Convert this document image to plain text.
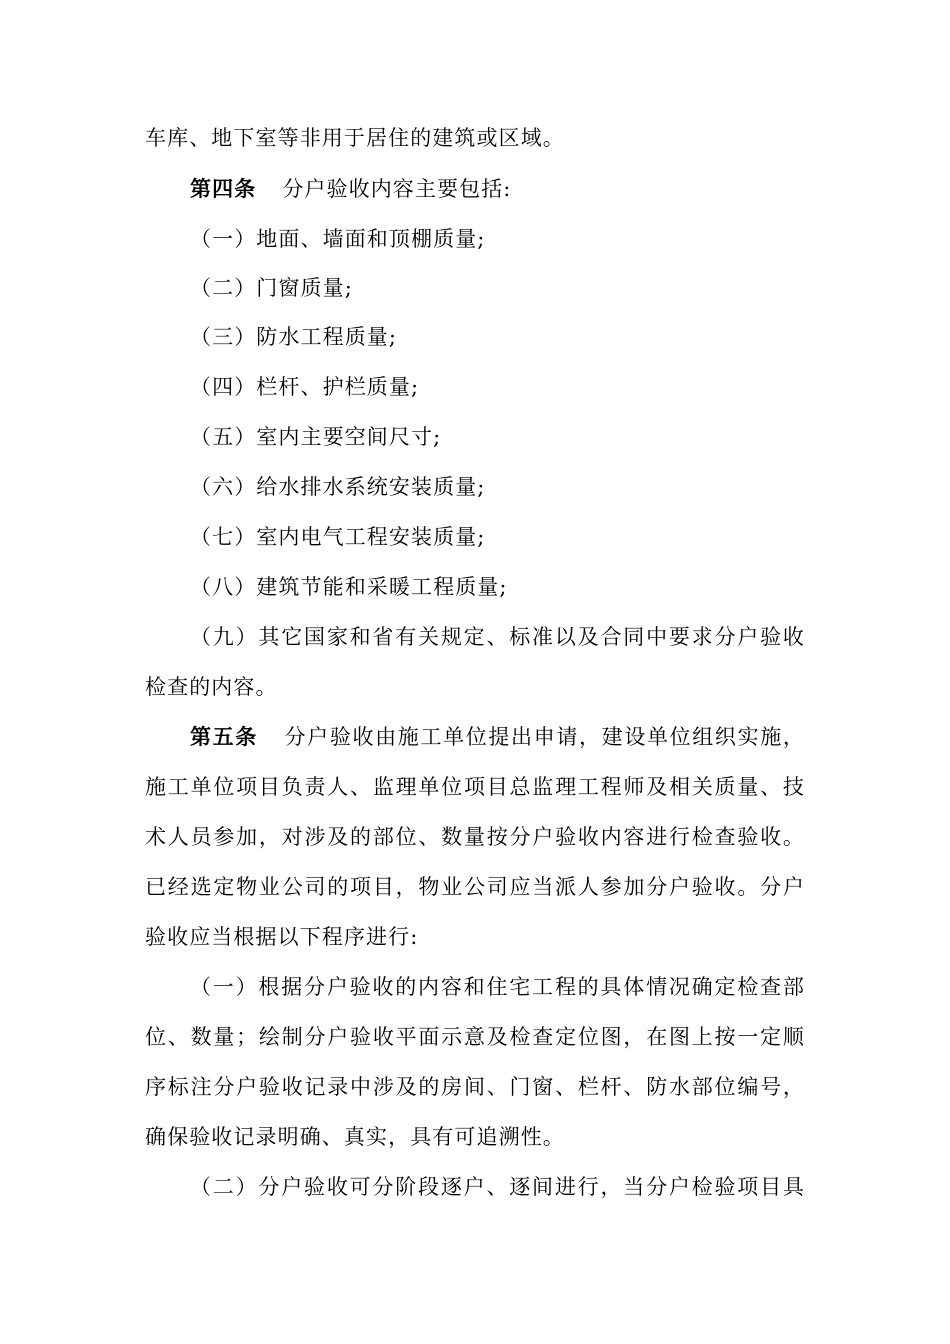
车库、地下室等非用于居住的建筑或区域。
第四条 分户验收内容主要包括:
（一）地面、墙面和顶棚质量;
（二）门窗质量;
（三）防水工程质量;
（四）栏杆、护栏质量;
（五）室内主要空间尺寸;
（六）给水排水系统安装质量;
（七）室内电气工程安装质量;
（八）建筑节能和采暖工程质量;
（九）其它国家和省有关规定、标准以及合同中要求分户验收
检查的内容。
第五条 分户验收由施工单位提出申请，建设单位组织实施，
施工单位项目负责人、监理单位项目总监理工程师及相关质量、技
术人员参加，对涉及的部位、数量按分户验收内容进行检查验收。
已经选定物业公司的项目，物业公司应当派人参加分户验收。分户
验收应当根据以下程序进行:
（一）根据分户验收的内容和住宅工程的具体情况确定检查部
位、数量；绘制分户验收平面示意及检查定位图，在图上按一定顺
序标注分户验收记录中涉及的房间、门窗、栏杆、防水部位编号，
确保验收记录明确、真实，具有可追溯性。
（二）分户验收可分阶段逐户、逐间进行，当分户检验项目具
